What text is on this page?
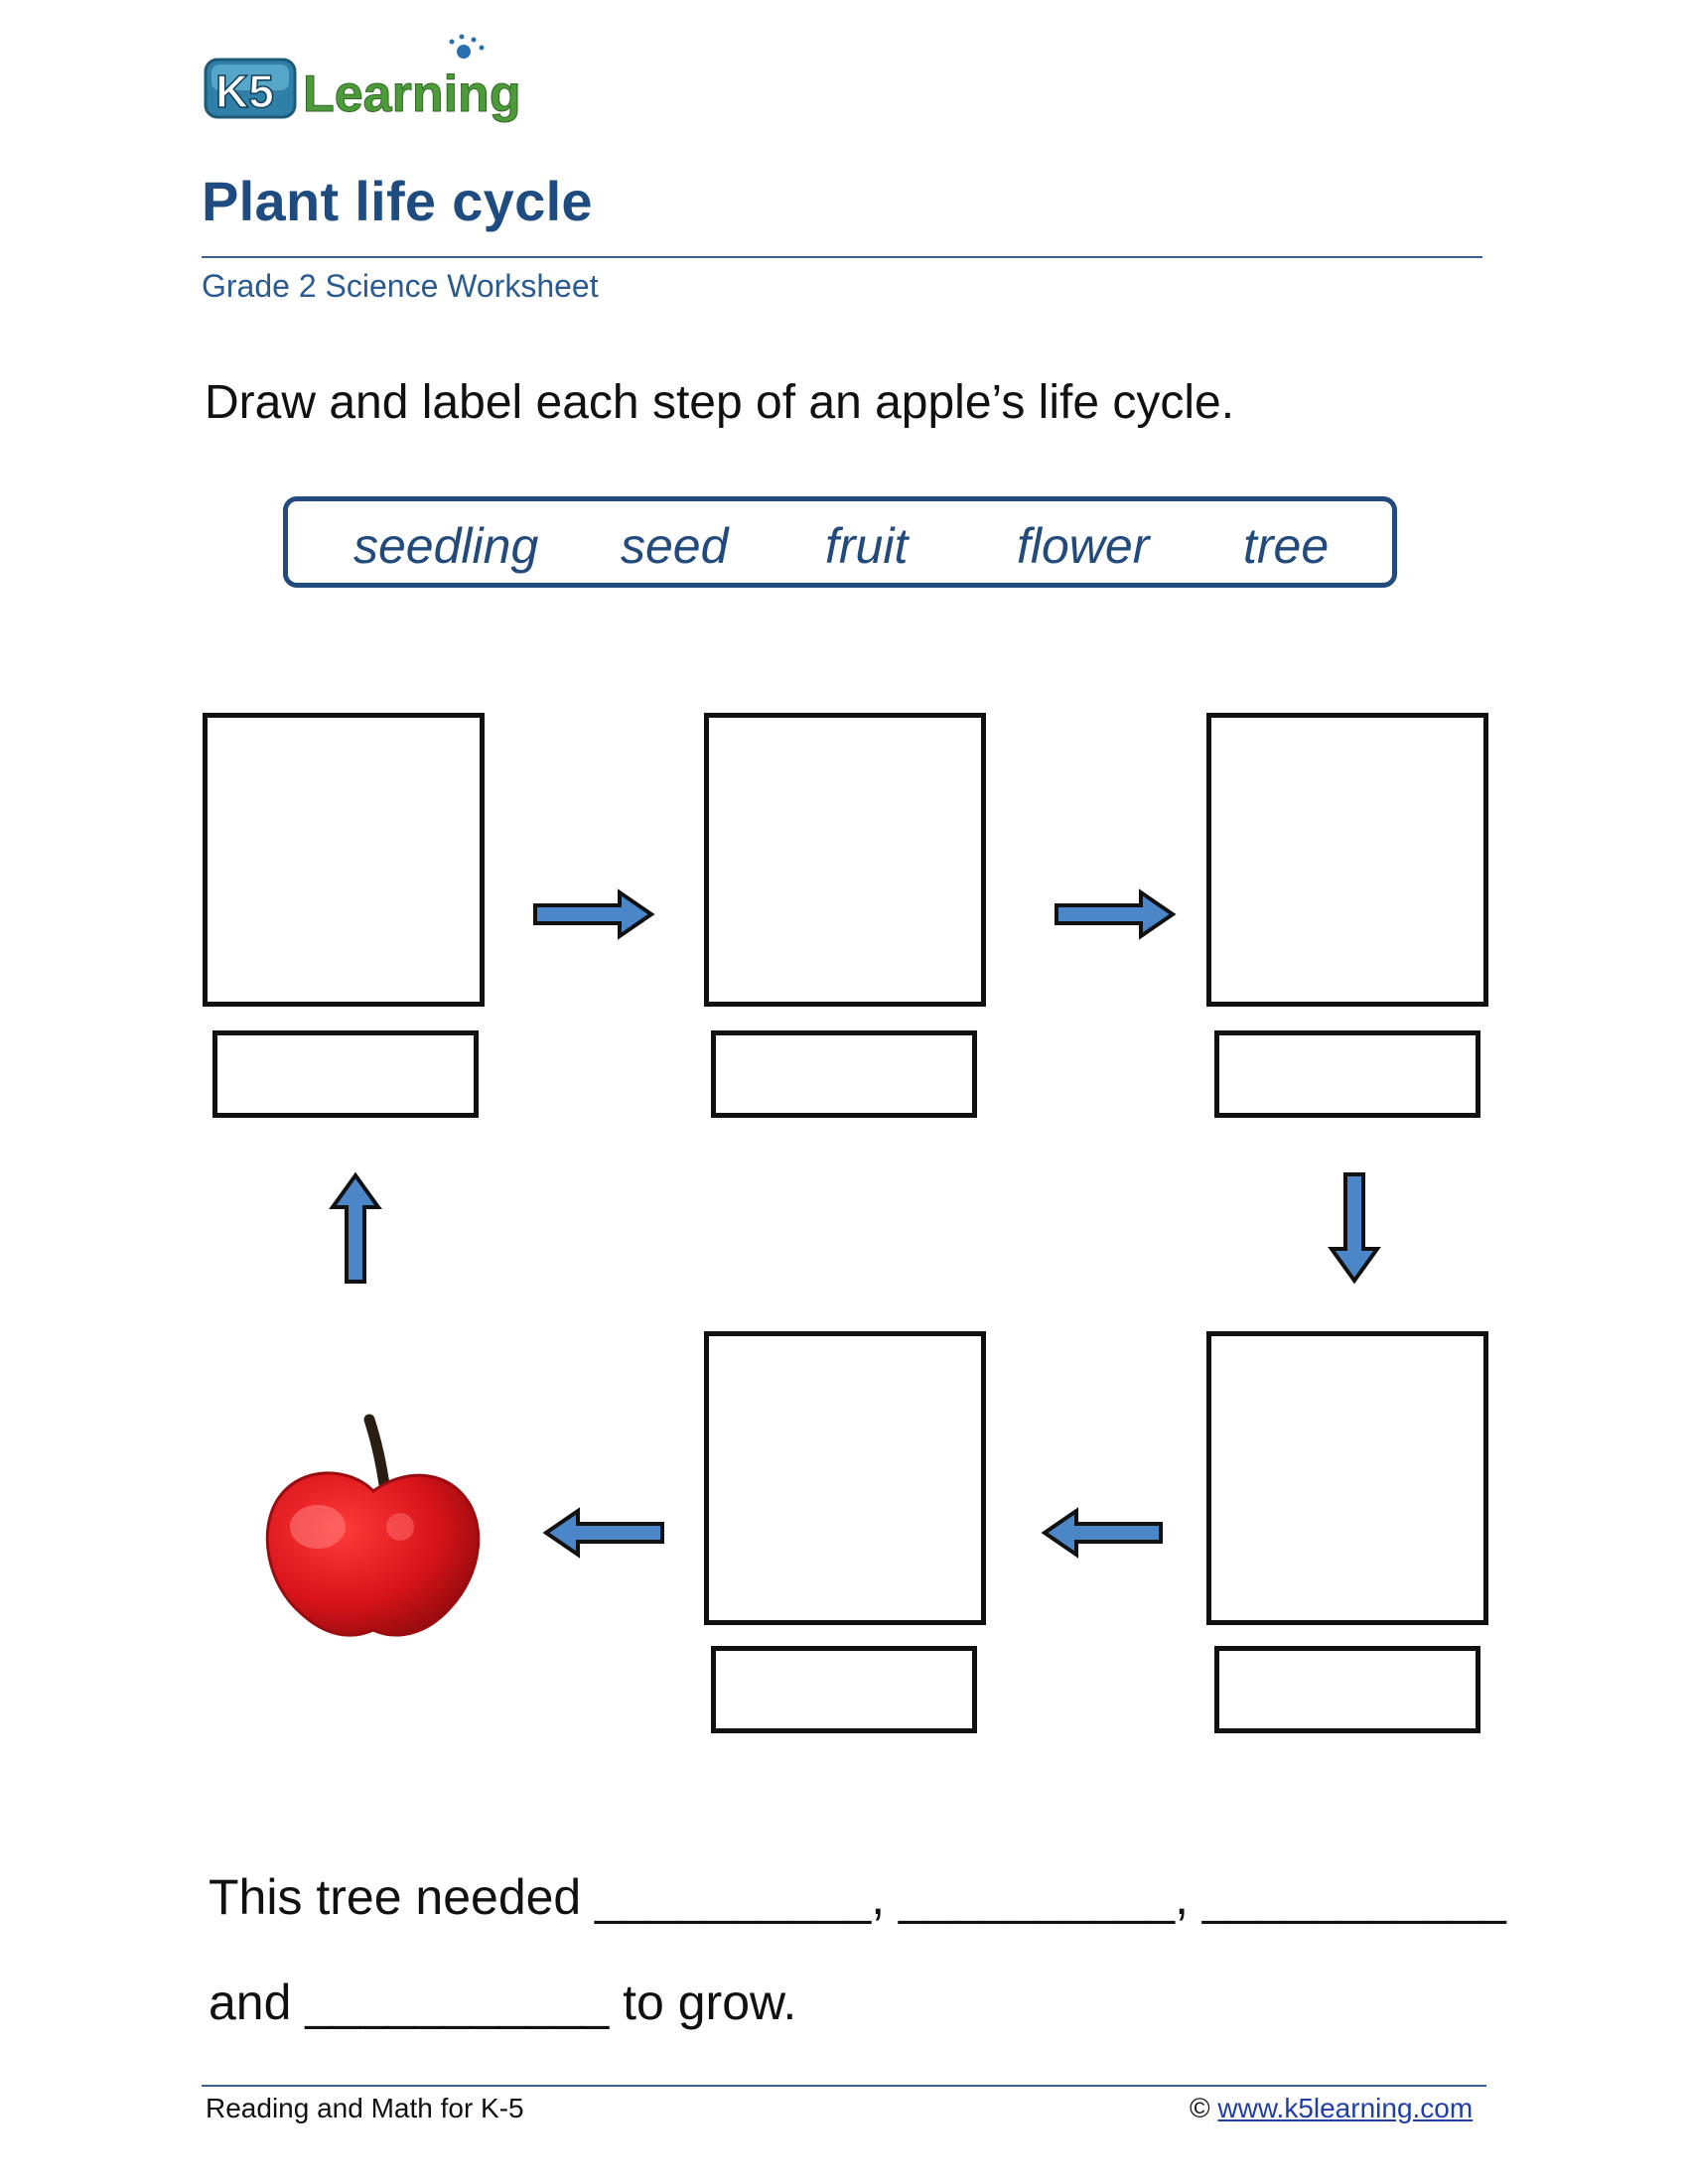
K5 Learning
Plant life cycle
Grade 2 Science Worksheet
Draw and label each step of an apple’s life cycle.
seedling seed fruit flower tree
This tree needed __________, __________, ___________
and ___________ to grow.
Reading and Math for K-5	© www.k5learning.com
